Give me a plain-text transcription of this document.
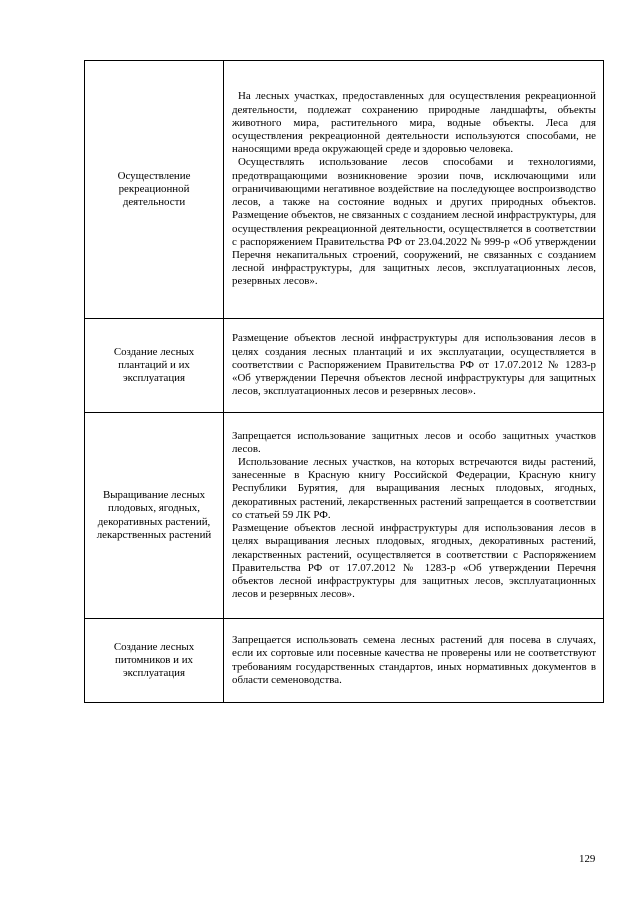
Осуществление рекреационной деятельности	На лесных участках, предоставленных для осуществления рекреационной деятельности, подлежат сохранению природные ландшафты, объекты животного мира, растительного мира, водные объекты. Леса для осуществления рекреационной деятельности используются способами, не наносящими вреда окружающей среде и здоровью человека.

Осуществлять использование лесов способами и технологиями, предотвращающими возникновение эрозии почв, исключающими или ограничивающими негативное воздействие на последующее воспроизводство лесов, а также на состояние водных и других природных объектов. Размещение объектов, не связанных с созданием лесной инфраструктуры, для осуществления рекреационной деятельности, осуществляется в соответствии с распоряжением Правительства РФ от 23.04.2022 № 999-р «Об утверждении Перечня некапитальных строений, сооружений, не связанных с созданием лесной инфраструктуры, для защитных лесов, эксплуатационных лесов, резервных лесов».

Создание лесных плантаций и их эксплуатация	Размещение объектов лесной инфраструктуры для использования лесов в целях создания лесных плантаций и их эксплуатации, осуществляется в соответствии с Распоряжением Правительства РФ от 17.07.2012 № 1283-р «Об утверждении Перечня объектов лесной инфраструктуры для защитных лесов, эксплуатационных лесов и резервных лесов».

Выращивание лесных плодовых, ягодных, декоративных растений, лекарственных растений	Запрещается использование защитных лесов и особо защитных участков лесов.

Использование лесных участков, на которых встречаются виды растений, занесенные в Красную книгу Российской Федерации, Красную книгу Республики Бурятия, для выращивания лесных плодовых, ягодных, декоративных растений, лекарственных растений запрещается в соответствии со статьей 59 ЛК РФ.

Размещение объектов лесной инфраструктуры для использования лесов в целях выращивания лесных плодовых, ягодных, декоративных растений, лекарственных растений, осуществляется в соответствии с Распоряжением Правительства РФ от 17.07.2012 № 1283-р «Об утверждении Перечня объектов лесной инфраструктуры для защитных лесов, эксплуатационных лесов и резервных лесов».

Создание лесных питомников и их эксплуатация	Запрещается использовать семена лесных растений для посева в случаях, если их сортовые или посевные качества не проверены или не соответствуют требованиям государственных стандартов, иных нормативных документов в области семеноводства.

129
